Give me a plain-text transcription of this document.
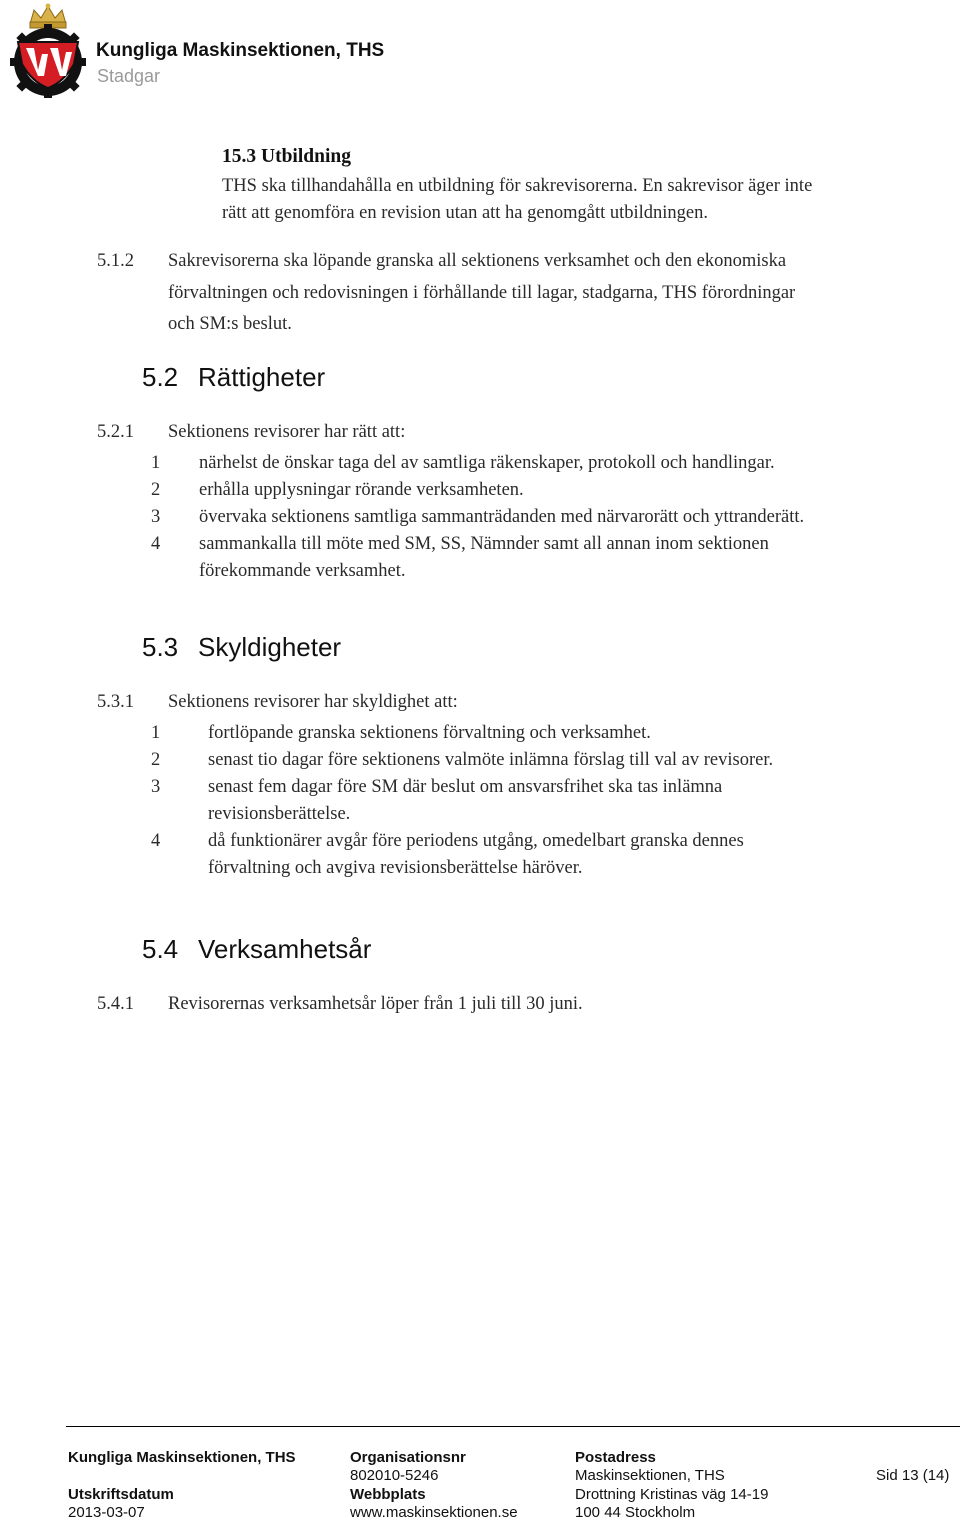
Kungliga Maskinsektionen, THS
Stadgar
15.3 Utbildning
THS ska tillhandahålla en utbildning för sakrevisorerna. En sakrevisor äger inte
rätt att genomföra en revision utan att ha genomgått utbildningen.
5.1.2 Sakrevisorerna ska löpande granska all sektionens verksamhet och den ekonomiska
förvaltningen och redovisningen i förhållande till lagar, stadgarna, THS förordningar
och SM:s beslut.
5.2 Rättigheter
5.2.1 Sektionens revisorer har rätt att:
1 närhelst de önskar taga del av samtliga räkenskaper, protokoll och handlingar.
2 erhålla upplysningar rörande verksamheten.
3 övervaka sektionens samtliga sammanträdanden med närvarorätt och yttranderätt.
4 sammankalla till möte med SM, SS, Nämnder samt all annan inom sektionen
förekommande verksamhet.
5.3 Skyldigheter
5.3.1 Sektionens revisorer har skyldighet att:
1	fortlöpande granska sektionens förvaltning och verksamhet.
2	senast tio dagar före sektionens valmöte inlämna förslag till val av revisorer.
3	senast fem dagar före SM där beslut om ansvarsfrihet ska tas inlämna
revisionsberättelse.
4	då funktionärer avgår före periodens utgång, omedelbart granska dennes
förvaltning och avgiva revisionsberättelse häröver.
5.4 Verksamhetsår
5.4.1 Revisorernas verksamhetsår löper från 1 juli till 30 juni.
Kungliga Maskinsektionen, THS
Utskriftsdatum
2013-03-07
Organisationsnr
802010-5246
Webbplats
www.maskinsektionen.se
Postadress
Maskinsektionen, THS
Drottning Kristinas väg 14-19
100 44 Stockholm
Sid 13 (14)
